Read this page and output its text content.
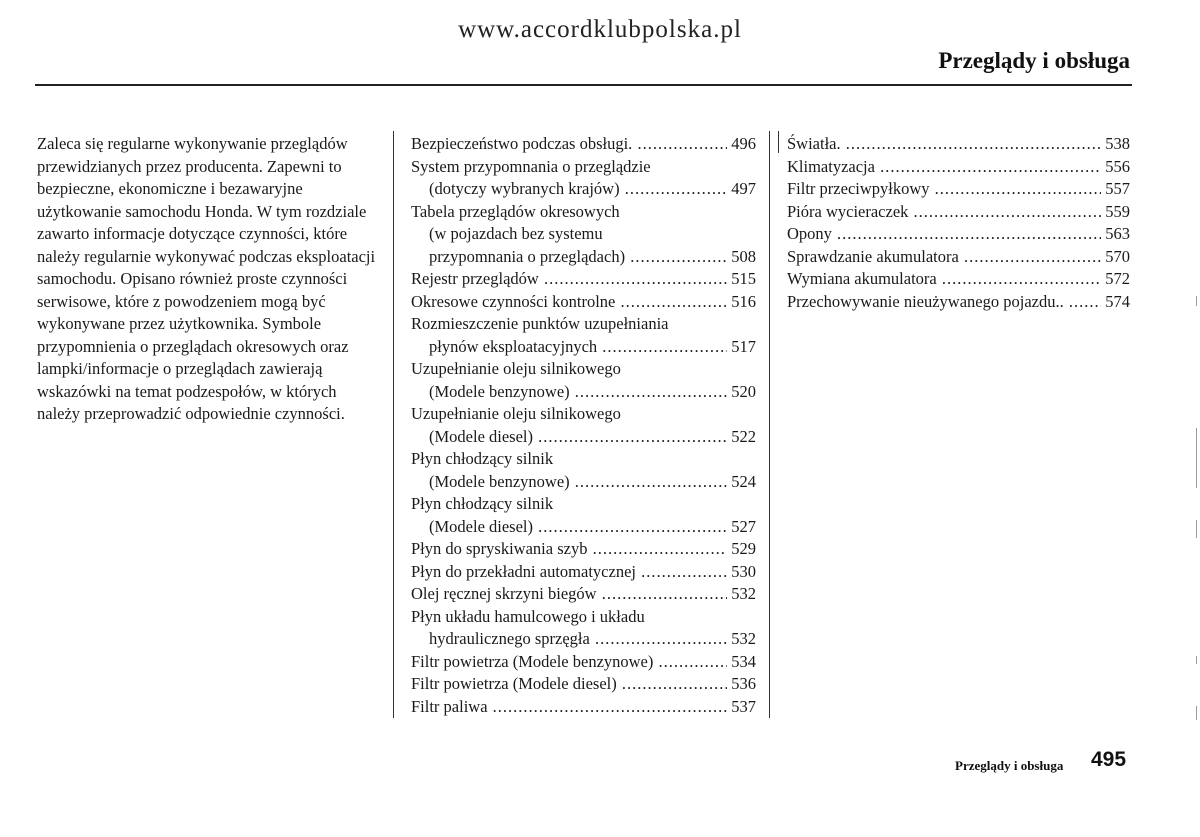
www.accordklubpolska.pl
Przeglądy i obsługa

Zaleca się regularne wykonywanie przeglądów przewidzianych przez producenta. Zapewni to bezpieczne, ekonomiczne i bezawaryjne użytkowanie samochodu Honda. W tym rozdziale zawarto informacje dotyczące czynności, które należy regularnie wykonywać podczas eksploatacji samochodu. Opisano również proste czynności serwisowe, które z powodzeniem mogą być wykonywane przez użytkownika. Symbole przypomnienia o przeglądach okresowych oraz lampki/informacje o przeglądach zawierają wskazówki na temat podzespołów, w których należy przeprowadzić odpowiednie czynności.

Bezpieczeństwo podczas obsługi. .....	496
System przypomnania o przeglądzie
(dotyczy wybranych krajów) .....	497
Tabela przeglądów okresowych
(w pojazdach bez systemu
przypomnania o przeglądach) .....	508
Rejestr przeglądów .....	515
Okresowe czynności kontrolne .....	516
Rozmieszczenie punktów uzupełniania
płynów eksploatacyjnych .....	517
Uzupełnianie oleju silnikowego
(Modele benzynowe) .....	520
Uzupełnianie oleju silnikowego
(Modele diesel) .....	522
Płyn chłodzący silnik
(Modele benzynowe) .....	524
Płyn chłodzący silnik
(Modele diesel) .....	527
Płyn do spryskiwania szyb .....	529
Płyn do przekładni automatycznej .....	530
Olej ręcznej skrzyni biegów .....	532
Płyn układu hamulcowego i układu
hydraulicznego sprzęgła .....	532
Filtr powietrza (Modele benzynowe) .....	534
Filtr powietrza (Modele diesel) .....	536
Filtr paliwa .....	537
Światła. .....	538
Klimatyzacja .....	556
Filtr przeciwpyłkowy .....	557
Pióra wycieraczek .....	559
Opony .....	563
Sprawdzanie akumulatora .....	570
Wymiana akumulatora .....	572
Przechowywanie nieużywanego pojazdu.. .....	574
Przeglądy i obsługa 495
